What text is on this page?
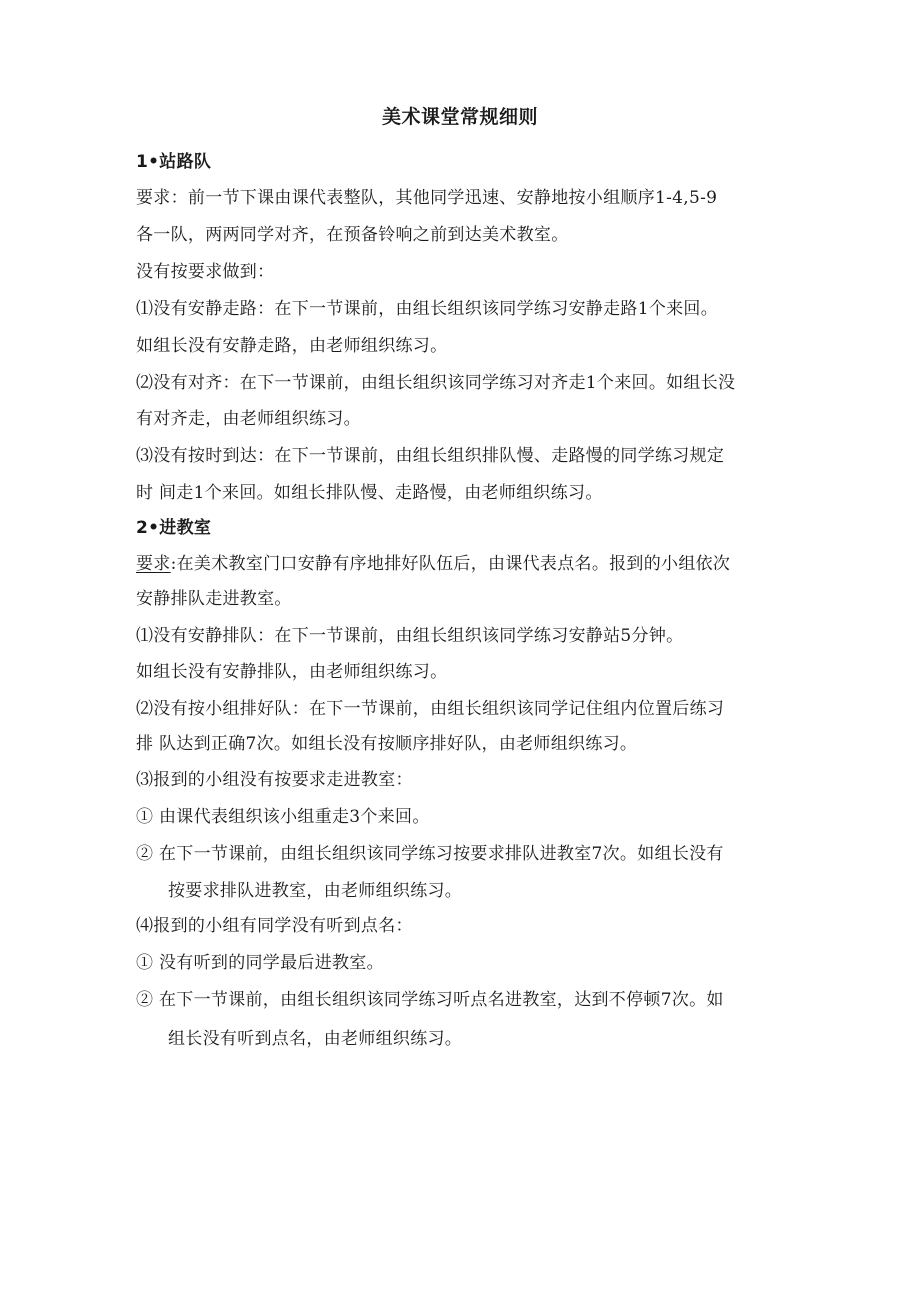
美术课堂常规细则
1•站路队
要求：前一节下课由课代表整队，其他同学迅速、安静地按小组顺序1-4,5-9
各一队，两两同学对齐，在预备铃响之前到达美术教室。
没有按要求做到：
⑴没有安静走路：在下一节课前，由组长组织该同学练习安静走路1个来回。
如组长没有安静走路，由老师组织练习。
⑵没有对齐：在下一节课前，由组长组织该同学练习对齐走1个来回。如组长没
有对齐走，由老师组织练习。
⑶没有按时到达：在下一节课前，由组长组织排队慢、走路慢的同学练习规定
时 间走1个来回。如组长排队慢、走路慢，由老师组织练习。
2•进教室
要求:在美术教室门口安静有序地排好队伍后，由课代表点名。报到的小组依次
安静排队走进教室。
⑴没有安静排队：在下一节课前，由组长组织该同学练习安静站5分钟。
如组长没有安静排队，由老师组织练习。
⑵没有按小组排好队：在下一节课前，由组长组织该同学记住组内位置后练习
排 队达到正确7次。如组长没有按顺序排好队，由老师组织练习。
⑶报到的小组没有按要求走进教室：
① 由课代表组织该小组重走3个来回。
② 在下一节课前，由组长组织该同学练习按要求排队进教室7次。如组长没有
按要求排队进教室，由老师组织练习。
⑷报到的小组有同学没有听到点名：
① 没有听到的同学最后进教室。
② 在下一节课前，由组长组织该同学练习听点名进教室，达到不停顿7次。如
组长没有听到点名，由老师组织练习。
